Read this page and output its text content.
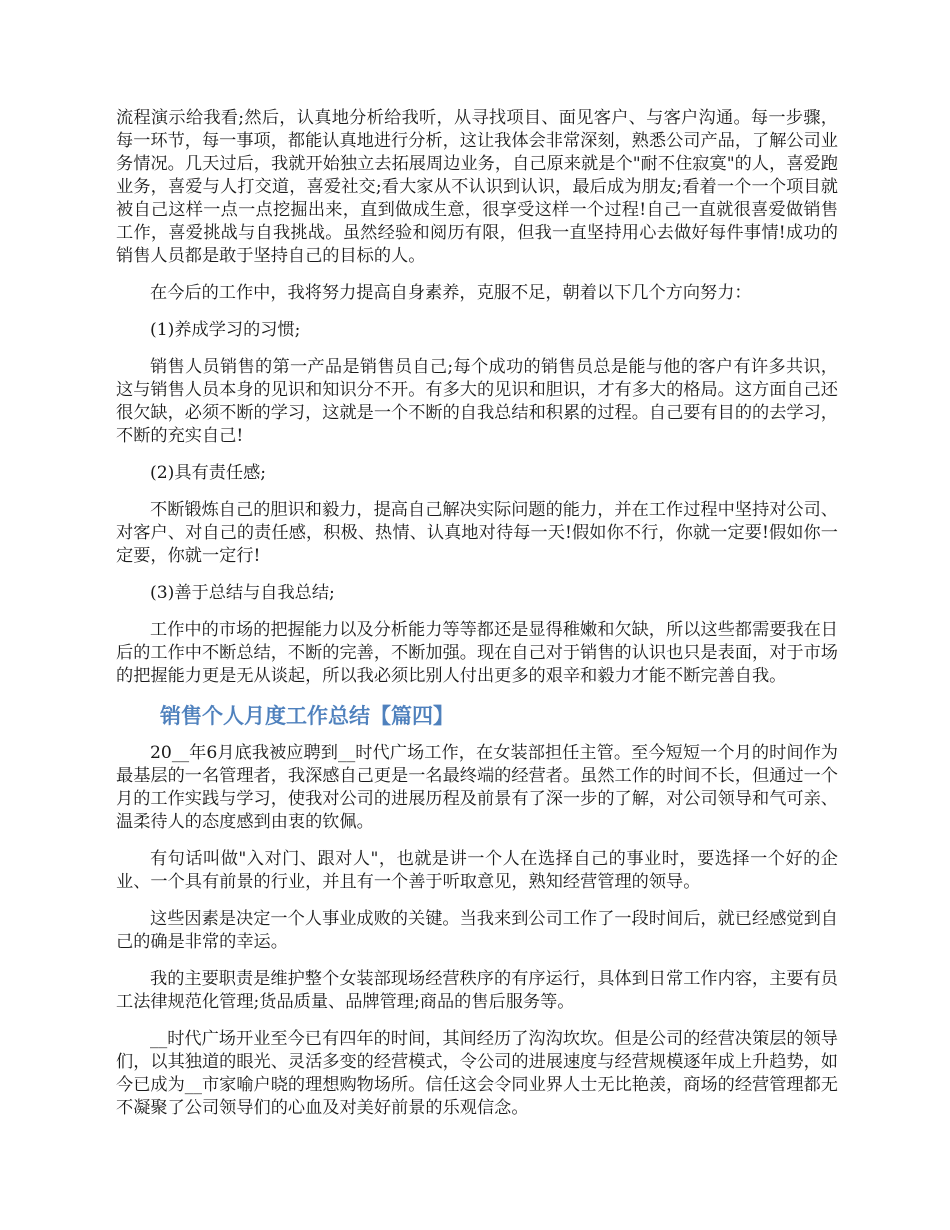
流程演示给我看;然后，认真地分析给我听，从寻找项目、面见客户、与客户沟通。每一步骤，每一环节，每一事项，都能认真地进行分析，这让我体会非常深刻，熟悉公司产品，了解公司业务情况。几天过后，我就开始独立去拓展周边业务，自己原来就是个"耐不住寂寞"的人，喜爱跑业务，喜爱与人打交道，喜爱社交;看大家从不认识到认识，最后成为朋友;看着一个一个项目就被自己这样一点一点挖掘出来，直到做成生意，很享受这样一个过程!自己一直就很喜爱做销售工作，喜爱挑战与自我挑战。虽然经验和阅历有限，但我一直坚持用心去做好每件事情!成功的销售人员都是敢于坚持自己的目标的人。

在今后的工作中，我将努力提高自身素养，克服不足，朝着以下几个方向努力：

(1)养成学习的习惯;

销售人员销售的第一产品是销售员自己;每个成功的销售员总是能与他的客户有许多共识，这与销售人员本身的见识和知识分不开。有多大的见识和胆识，才有多大的格局。这方面自己还很欠缺，必须不断的学习，这就是一个不断的自我总结和积累的过程。自己要有目的的去学习，不断的充实自己!

(2)具有责任感;

不断锻炼自己的胆识和毅力，提高自己解决实际问题的能力，并在工作过程中坚持对公司、对客户、对自己的责任感，积极、热情、认真地对待每一天!假如你不行，你就一定要!假如你一定要，你就一定行!

(3)善于总结与自我总结;

工作中的市场的把握能力以及分析能力等等都还是显得稚嫩和欠缺，所以这些都需要我在日后的工作中不断总结，不断的完善，不断加强。现在自己对于销售的认识也只是表面，对于市场的把握能力更是无从谈起，所以我必须比别人付出更多的艰辛和毅力才能不断完善自我。

销售个人月度工作总结【篇四】

20__年6月底我被应聘到__时代广场工作，在女装部担任主管。至今短短一个月的时间作为最基层的一名管理者，我深感自己更是一名最终端的经营者。虽然工作的时间不长，但通过一个月的工作实践与学习，使我对公司的进展历程及前景有了深一步的了解，对公司领导和气可亲、温柔待人的态度感到由衷的钦佩。

有句话叫做"入对门、跟对人"，也就是讲一个人在选择自己的事业时，要选择一个好的企业、一个具有前景的行业，并且有一个善于听取意见，熟知经营管理的领导。

这些因素是决定一个人事业成败的关键。当我来到公司工作了一段时间后，就已经感觉到自己的确是非常的幸运。

我的主要职责是维护整个女装部现场经营秩序的有序运行，具体到日常工作内容，主要有员工法律规范化管理;货品质量、品牌管理;商品的售后服务等。

__时代广场开业至今已有四年的时间，其间经历了沟沟坎坎。但是公司的经营决策层的领导们，以其独道的眼光、灵活多变的经营模式，令公司的进展速度与经营规模逐年成上升趋势，如今已成为__市家喻户晓的理想购物场所。信任这会令同业界人士无比艳羡，商场的经营管理都无不凝聚了公司领导们的心血及对美好前景的乐观信念。
